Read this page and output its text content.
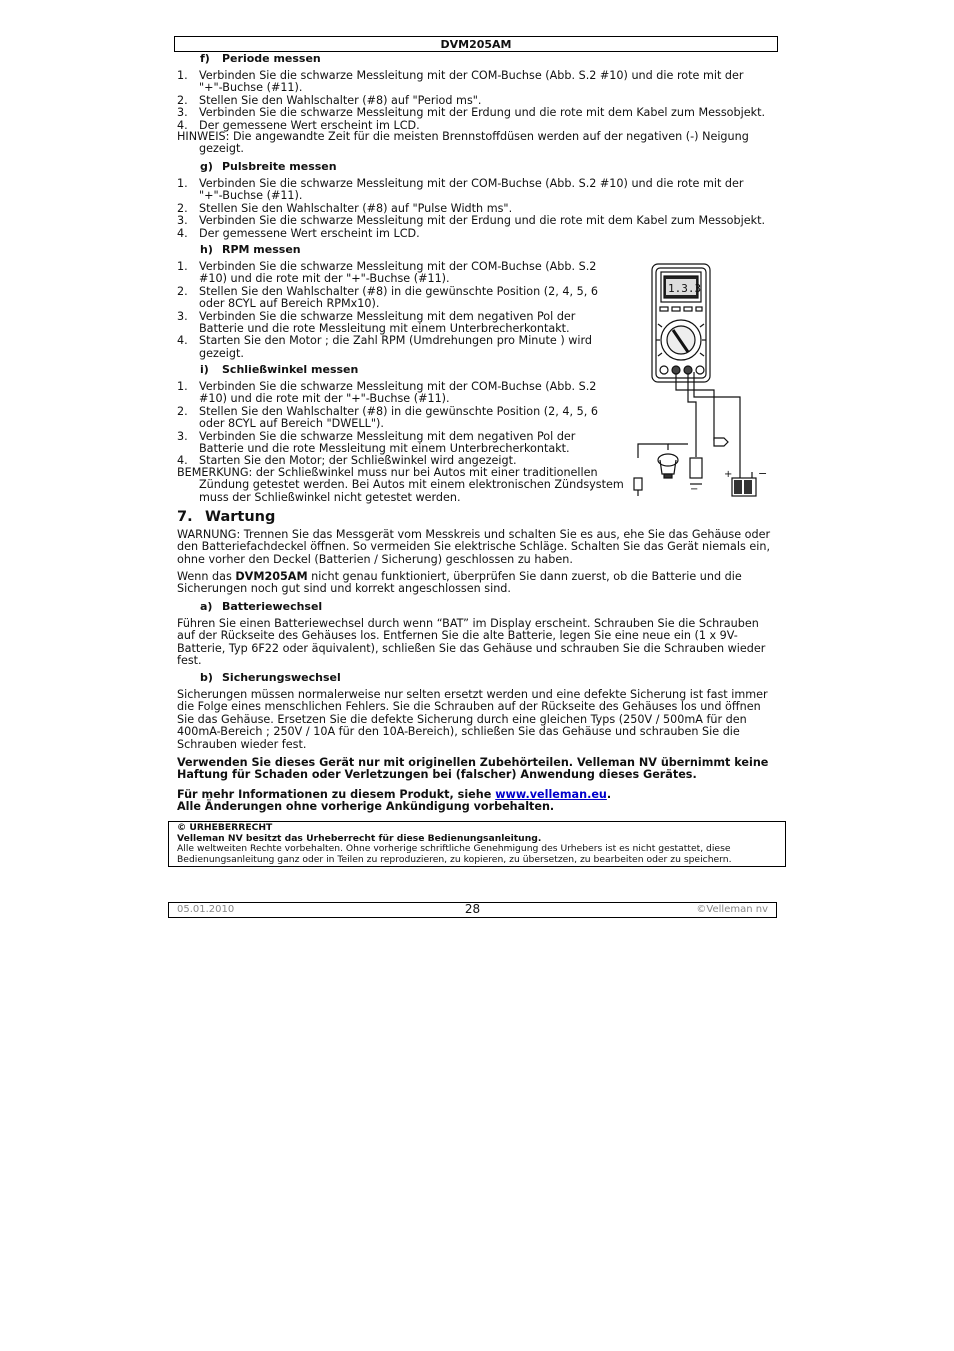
DVM205AM
f) Periode messen
1. Verbinden Sie die schwarze Messleitung mit der COM-Buchse (Abb. S.2 #10) und die rote mit der "+"-Buchse (#11).
2. Stellen Sie den Wahlschalter (#8) auf "Period ms".
3. Verbinden Sie die schwarze Messleitung mit der Erdung und die rote mit dem Kabel zum Messobjekt.
4. Der gemessene Wert erscheint im LCD.

HINWEIS: Die angewandte Zeit für die meisten Brennstoffdüsen werden auf der negativen (-) Neigung gezeigt.

g) Pulsbreite messen
1. Verbinden Sie die schwarze Messleitung mit der COM-Buchse (Abb. S.2 #10) und die rote mit der "+"-Buchse (#11).
2. Stellen Sie den Wahlschalter (#8) auf "Pulse Width ms".
3. Verbinden Sie die schwarze Messleitung mit der Erdung und die rote mit dem Kabel zum Messobjekt.
4. Der gemessene Wert erscheint im LCD.
h) RPM messen
1. Verbinden Sie die schwarze Messleitung mit der COM-Buchse (Abb. S.2 #10) und die rote mit der "+"-Buchse (#11).
2. Stellen Sie den Wahlschalter (#8) in die gewünschte Position (2, 4, 5, 6 oder 8CYL auf Bereich RPMx10).
3. Verbinden Sie die schwarze Messleitung mit dem negativen Pol der Batterie und die rote Messleitung mit einem Unterbrecherkontakt.
4. Starten Sie den Motor ; die Zahl RPM (Umdrehungen pro Minute ) wird gezeigt.
i) Schließwinkel messen
1. Verbinden Sie die schwarze Messleitung mit der COM-Buchse (Abb. S.2 #10) und die rote mit der "+"-Buchse (#11).
2. Stellen Sie den Wahlschalter (#8) in die gewünschte Position (2, 4, 5, 6 oder 8CYL auf Bereich "DWELL").
3. Verbinden Sie die schwarze Messleitung mit dem negativen Pol der Batterie und die rote Messleitung mit einem Unterbrecherkontakt.
4. Starten Sie den Motor; der Schließwinkel wird angezeigt.

BEMERKUNG: der Schließwinkel muss nur bei Autos mit einer traditionellen Zündung getestet werden. Bei Autos mit einem elektronischen Zündsystem muss der Schließwinkel nicht getestet werden.

1.3.3
−
+ −
7. Wartung

WARNUNG: Trennen Sie das Messgerät vom Messkreis und schalten Sie es aus, ehe Sie das Gehäuse oder den Batteriefachdeckel öffnen. So vermeiden Sie elektrische Schläge. Schalten Sie das Gerät niemals ein, ohne vorher den Deckel (Batterien / Sicherung) geschlossen zu haben.

Wenn das DVM205AM nicht genau funktioniert, überprüfen Sie dann zuerst, ob die Batterie und die Sicherungen noch gut sind und korrekt angeschlossen sind.

a) Batteriewechsel

Führen Sie einen Batteriewechsel durch wenn “BAT” im Display erscheint. Schrauben Sie die Schrauben auf der Rückseite des Gehäuses los. Entfernen Sie die alte Batterie, legen Sie eine neue ein (1 x 9V-Batterie, Typ 6F22 oder äquivalent), schließen Sie das Gehäuse und schrauben Sie die Schrauben wieder fest.

b) Sicherungswechsel

Sicherungen müssen normalerweise nur selten ersetzt werden und eine defekte Sicherung ist fast immer die Folge eines menschlichen Fehlers. Sie die Schrauben auf der Rückseite des Gehäuses los und öffnen Sie das Gehäuse. Ersetzen Sie die defekte Sicherung durch eine gleichen Typs (250V / 500mA für den 400mA-Bereich ; 250V / 10A für den 10A-Bereich), schließen Sie das Gehäuse und schrauben Sie die Schrauben wieder fest.

Verwenden Sie dieses Gerät nur mit originellen Zubehörteilen. Velleman NV übernimmt keine Haftung für Schaden oder Verletzungen bei (falscher) Anwendung dieses Gerätes.

Für mehr Informationen zu diesem Produkt, siehe www.velleman.eu.

Alle Änderungen ohne vorherige Ankündigung vorbehalten.

© URHEBERRECHT
Velleman NV besitzt das Urheberrecht für diese Bedienungsanleitung.
Alle weltweiten Rechte vorbehalten. Ohne vorherige schriftliche Genehmigung des Urhebers ist es nicht gestattet, diese Bedienungsanleitung ganz oder in Teilen zu reproduzieren, zu kopieren, zu übersetzen, zu bearbeiten oder zu speichern.
05.01.2010	28	©Velleman nv
